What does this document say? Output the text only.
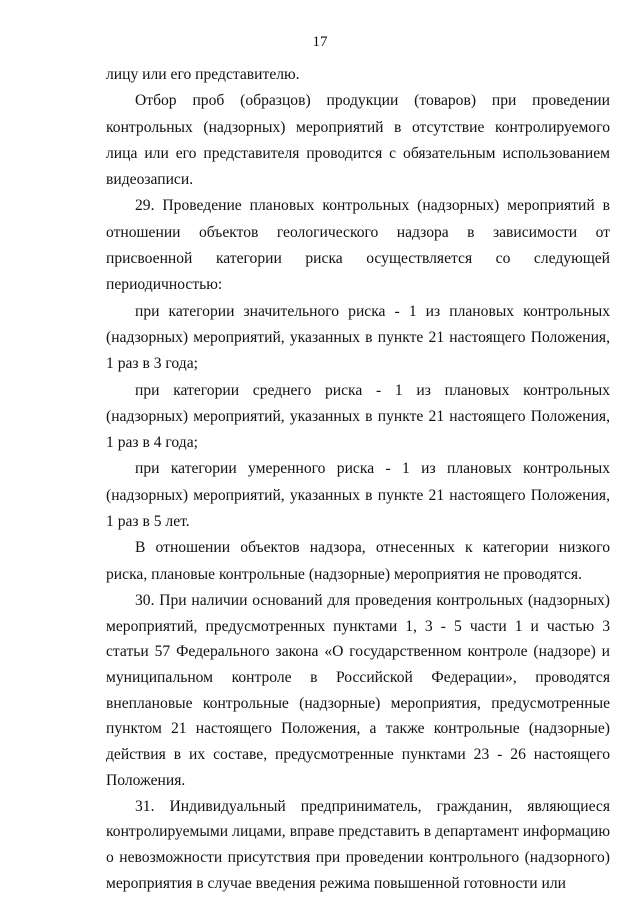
17

лицу или его представителю.

Отбор проб (образцов) продукции (товаров) при проведении контрольных (надзорных) мероприятий в отсутствие контролируемого лица или его представителя проводится с обязательным использованием видеозаписи.

29. Проведение плановых контрольных (надзорных) мероприятий в отношении объектов геологического надзора в зависимости от присвоенной категории риска осуществляется со следующей периодичностью:

при категории значительного риска - 1 из плановых контрольных (надзорных) мероприятий, указанных в пункте 21 настоящего Положения, 1 раз в 3 года;

при категории среднего риска - 1 из плановых контрольных (надзорных) мероприятий, указанных в пункте 21 настоящего Положения, 1 раз в 4 года;

при категории умеренного риска - 1 из плановых контрольных (надзорных) мероприятий, указанных в пункте 21 настоящего Положения, 1 раз в 5 лет.

В отношении объектов надзора, отнесенных к категории низкого риска, плановые контрольные (надзорные) мероприятия не проводятся.

30. При наличии оснований для проведения контрольных (надзорных) мероприятий, предусмотренных пунктами 1, 3 - 5 части 1 и частью 3 статьи 57 Федерального закона «О государственном контроле (надзоре) и муниципальном контроле в Российской Федерации», проводятся внеплановые контрольные (надзорные) мероприятия, предусмотренные пунктом 21 настоящего Положения, а также контрольные (надзорные) действия в их составе, предусмотренные пунктами 23 - 26 настоящего Положения.

31. Индивидуальный предприниматель, гражданин, являющиеся контролируемыми лицами, вправе представить в департамент информацию о невозможности присутствия при проведении контрольного (надзорного) мероприятия в случае введения режима повышенной готовности или
